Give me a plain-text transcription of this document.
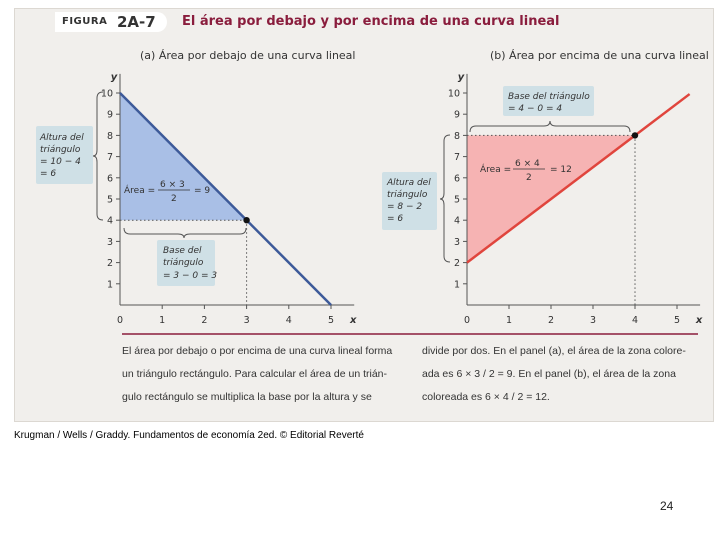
FIGURA 2A-7 El área por debajo y por encima de una curva lineal
(a) Área por debajo de una curva lineal	(b) Área por encima de una curva lineal
0	1	2	3	4	5
1
2
3
4
5
6
7
8
9
10
x
y
0	1	2	3	4	5
1
2
3
4
5
6
7
8
9
10
x
y
Altura del
triángulo
= 10 − 4
= 6
Base del
triángulo
= 3 − 0 = 3
Área =
6 × 3
2
= 9
Altura del
triángulo
= 8 − 2
= 6
Base del triángulo
= 4 − 0 = 4
Área =
6 × 4
2
= 12
El área por debajo o por encima de una curva lineal forma
un triángulo rectángulo. Para calcular el área de un trián-
gulo rectángulo se multiplica la base por la altura y se
divide por dos. En el panel (a), el área de la zona colore-
ada es 6 × 3 / 2 = 9. En el panel (b), el área de la zona
coloreada es 6 × 4 / 2 = 12.
Krugman / Wells / Graddy. Fundamentos de economía 2ed. © Editorial Reverté
24
